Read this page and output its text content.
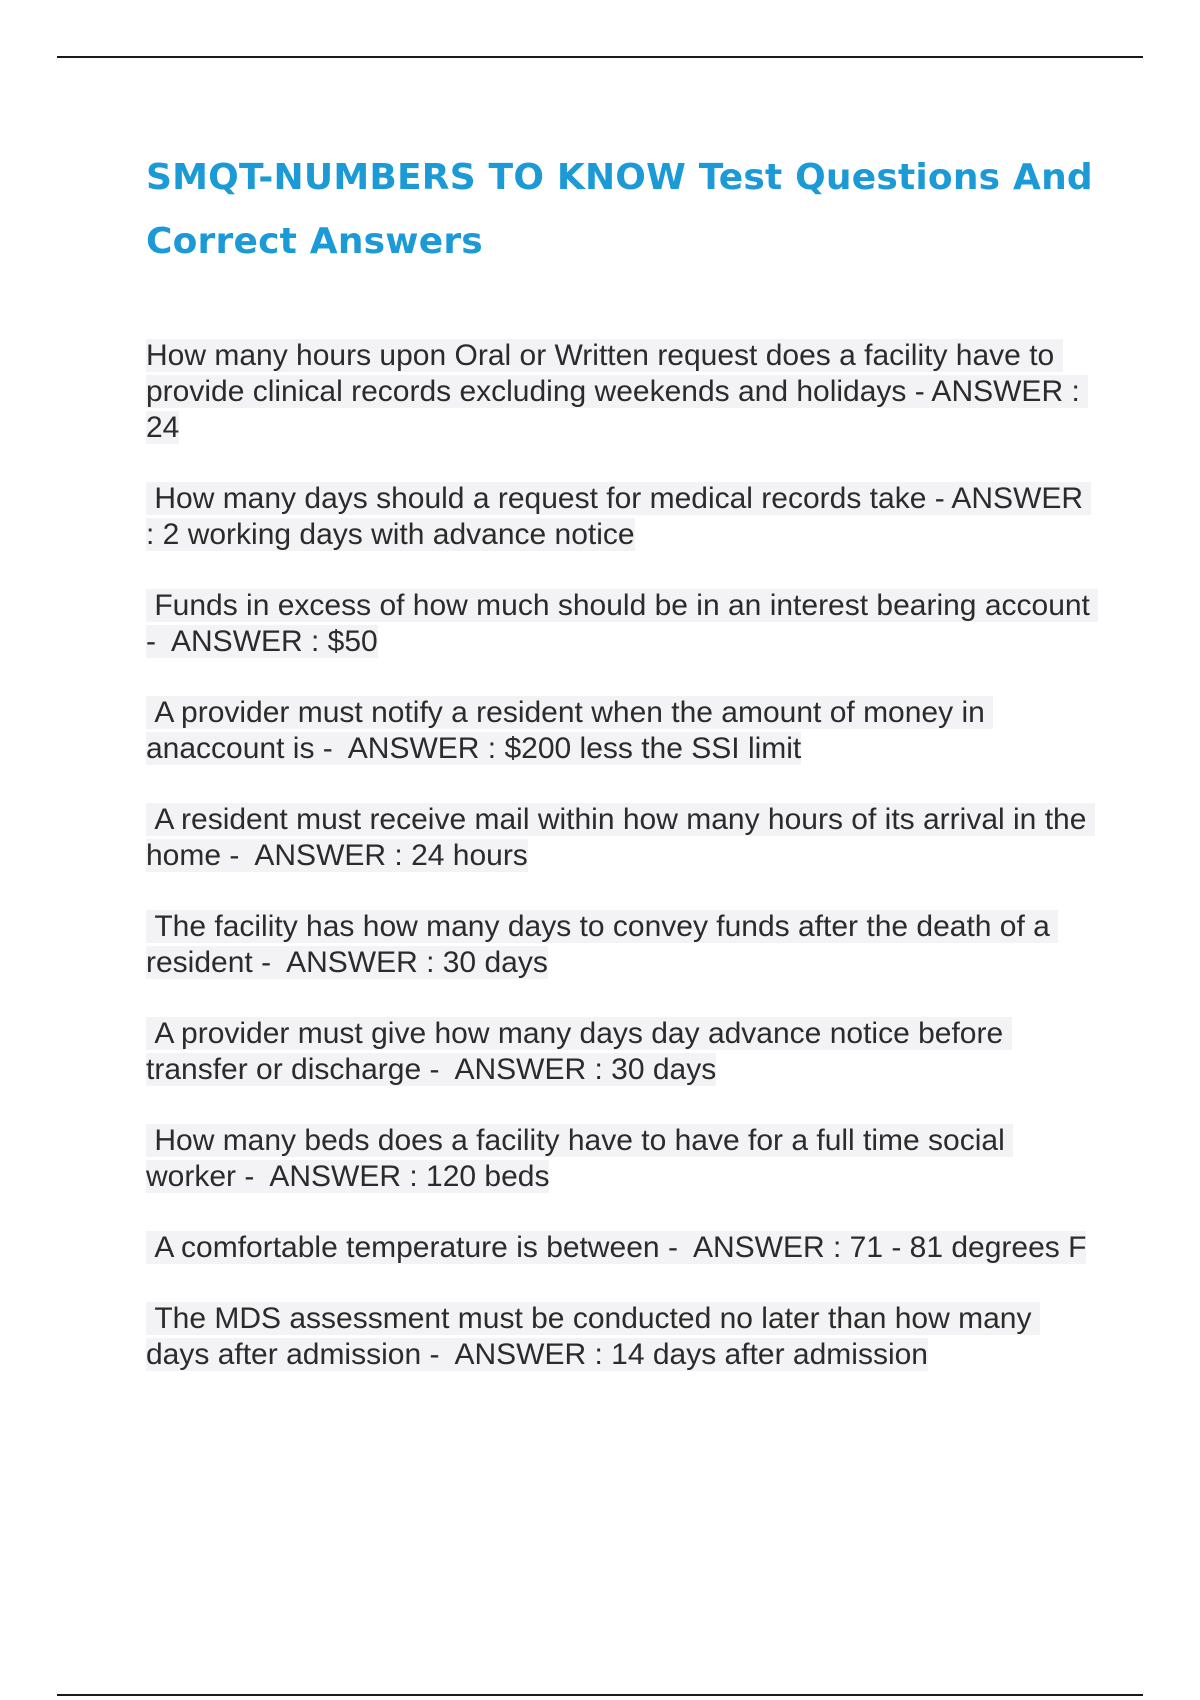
SMQT-NUMBERS TO KNOW Test Questions And Correct Answers
How many hours upon Oral or Written request does a facility have to provide clinical records excluding weekends and holidays - ANSWER : 24
How many days should a request for medical records take - ANSWER : 2 working days with advance notice
Funds in excess of how much should be in an interest bearing account -  ANSWER : $50
A provider must notify a resident when the amount of money in anaccount is -  ANSWER : $200 less the SSI limit
A resident must receive mail within how many hours of its arrival in the home -  ANSWER : 24 hours
The facility has how many days to convey funds after the death of a resident -  ANSWER : 30 days
A provider must give how many days day advance notice before transfer or discharge -  ANSWER : 30 days
How many beds does a facility have to have for a full time social worker -  ANSWER : 120 beds
A comfortable temperature is between -  ANSWER : 71 - 81 degrees F
The MDS assessment must be conducted no later than how many days after admission -  ANSWER : 14 days after admission
